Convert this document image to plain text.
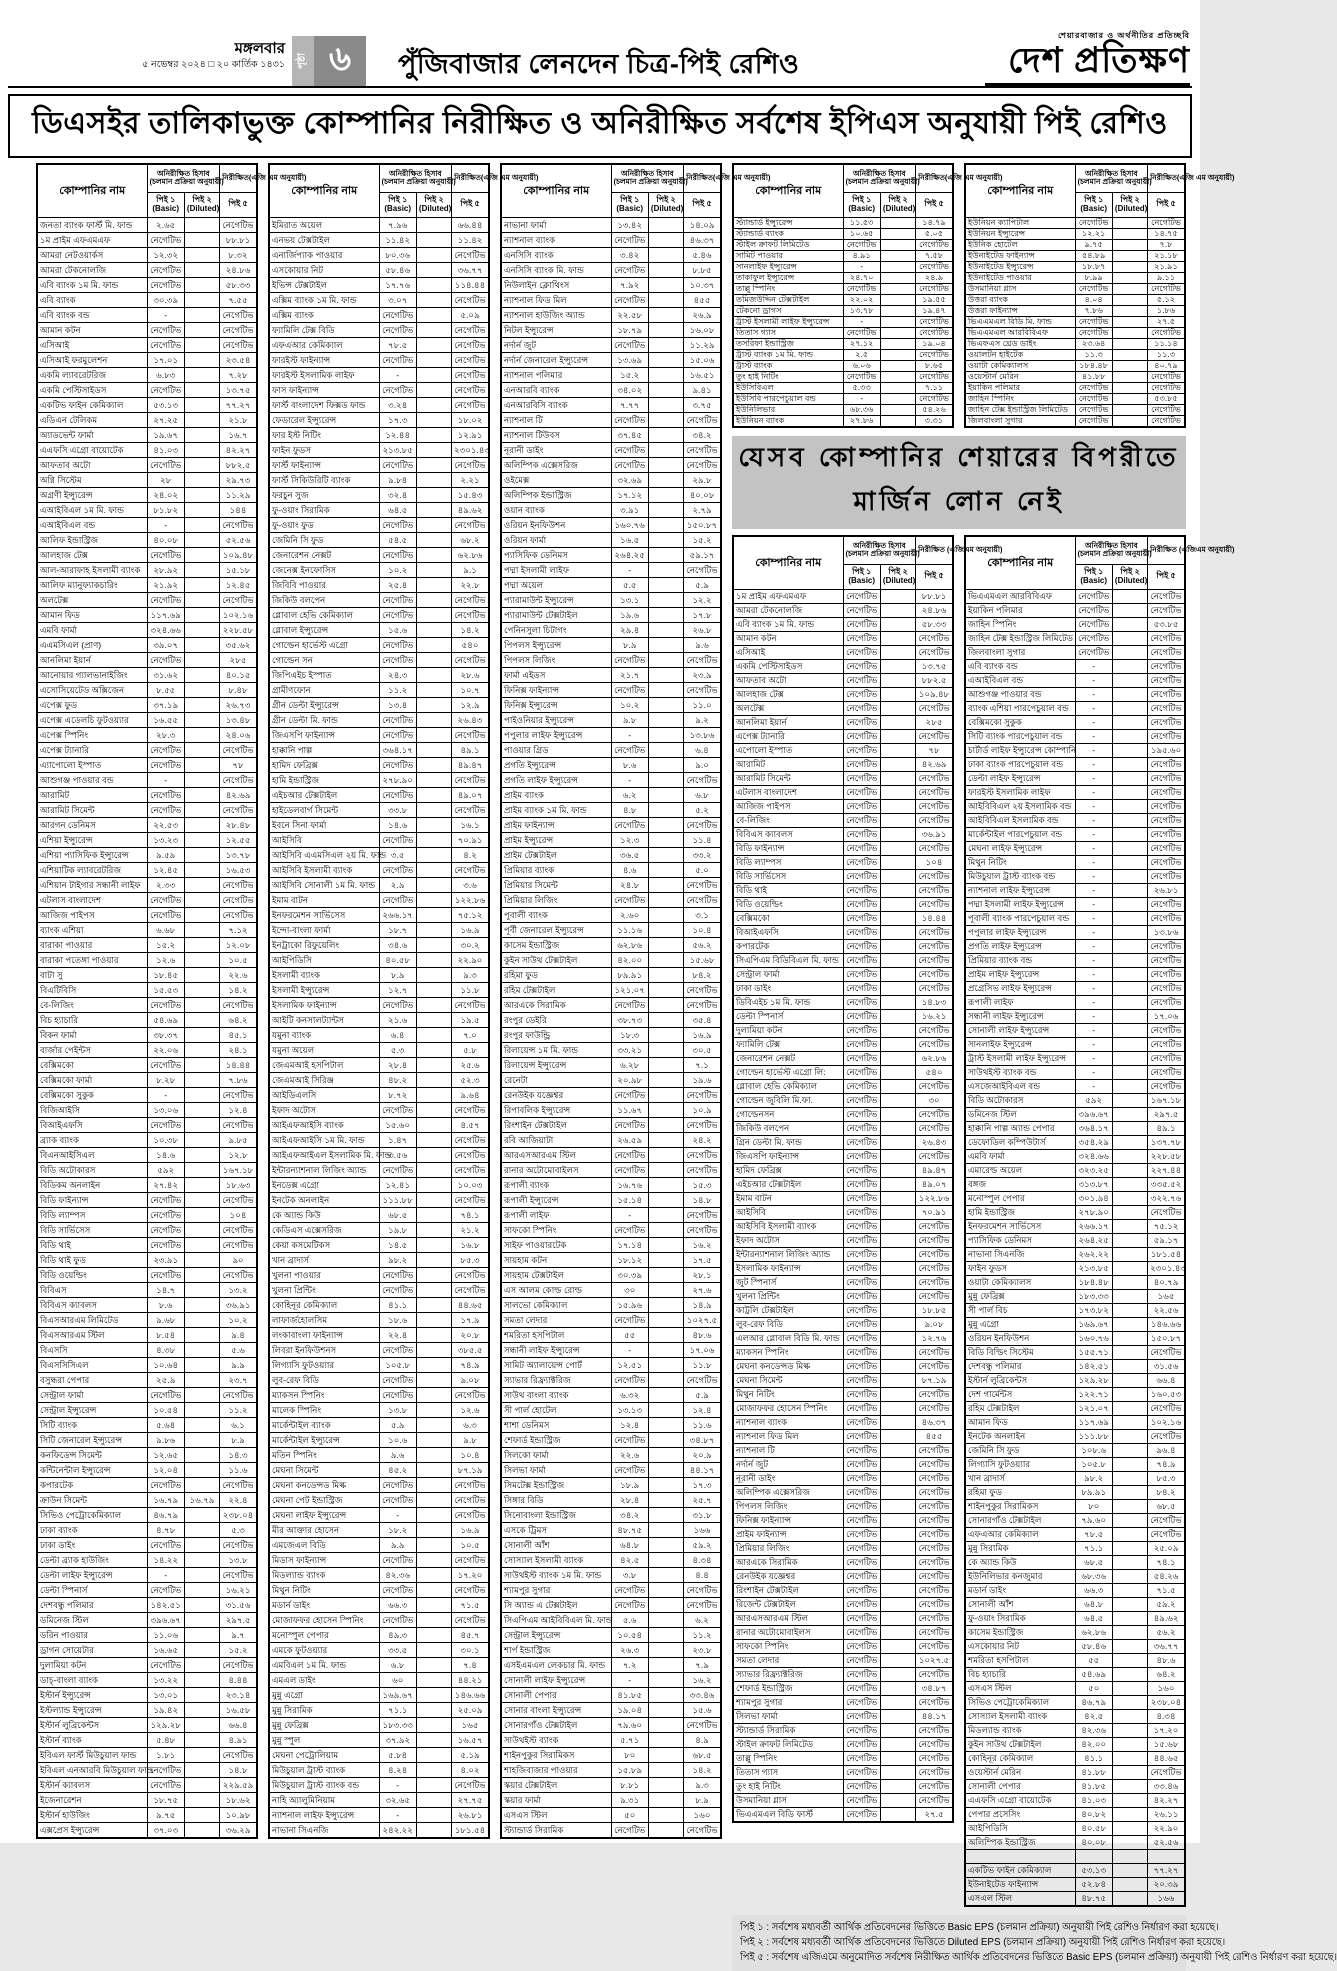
মঙ্গলবার
৫ নভেম্বর ২০২৪ □ ২০ কার্তিক ১৪৩১	পৃষ্ঠা ৬	পুঁজিবাজার লেনদেন চিত্র-পিই রেশিও
শেয়ারবাজার ও অর্থনীতির প্রতিচ্ছবি
দেশ প্রতিক্ষণ
ডিএসইর তালিকাভুক্ত কোম্পানির নিরীক্ষিত ও অনিরীক্ষিত সর্বশেষ ইপিএস অনুযায়ী পিই রেশিও
কোম্পানির নাম	অনিরীক্ষিত হিসাব
(চলমান প্রক্রিয়া অনুযায়ী)		নিরীক্ষিত(এজি এম অনুযায়ী)
	পিই ১
(Basic)	পিই ২
(Diluted)	পিই ৫
জনতা ব্যাংক ফার্স্ট মি. ফান্ড	২.৬৫		নেগেটিভ
১ম প্রাইম এফএমএফ	নেগেটিভ		৮৮.৮১
আমরা নেটওয়ার্কস	১২.৩২		৮.৩২
আমরা টেকনোলজি	নেগেটিভ		২৪.৮৬
এবি ব্যাংক ১ম মি. ফান্ড	নেগেটিভ		৫৮.৩৩
এবি ব্যাংক	৩০.৩৯		৭.৫৫
এবি ব্যাংক বন্ড	-		নেগেটিভ
আমান কটন	নেগেটিভ		নেগেটিভ
এসিআই	নেগেটিভ		নেগেটিভ
এসিআই ফরমুলেশন	১৭.০১		২৩.৫৪
একমি ল্যাবরেটরিজ	৬.৮৩		৭.২৮
একমি পেস্টিসাইডস	নেগেটিভ		১৩.৭৫
একটিভ ফাইন কেমিক্যাল	৫৩.১৩		৭৭.২৭
এডিএন টেলিকম	২৭.২৫		২১.৮
অ্যাডভেন্ট ফার্মা	১৯.৬৭		১৬.৭
এএফসি এগ্রো বায়োটেক	৪১.০৩		৪২.২৭
আফতাব অটো	নেগেটিভ		৮৮২.৫
অগ্নি সিস্টেম	২৮		২৯.৭৩
অগ্রণী ইন্স্যুরেন্স	২৪.০২		১১.২৯
এআইবিএল ১ম মি. ফান্ড	৮১.৮২		১৪৪
এআইবিএল বন্ড	-		নেগেটিভ
আলিফ ইন্ডাস্ট্রিজ	৪০.০৮		৫২.৫৬
আলহাজ টেক্স	নেগেটিভ		১০৯.৪৮
আল-আরাফাহ ইসলামী ব্যাংক	২৮.৯২		১৫.১৮
আলিফ ম্যানুফ্যাকচারিং	২১.৯২		১২.৪৫
অলটেক্স	নেগেটিভ		নেগেটিভ
আমান ফিড	১১৭.৬৯		১০২.১৬
এমবি ফার্মা	৩২৪.৬৬		২২৮.৫৮
এএমসিএল (প্রাণ)	৩৯.০৭		৩৫.৬২
আনলিমা ইয়ার্ন	নেগেটিভ		২৮৫
আনোয়ার গ্যালভানাইজিং	৩১.৬২		৪০.১৫
এসোসিয়েটেড অক্সিজেন	৮.৫৫		৮.৪৮
এপেক্স ফুড	৩৭.১৯		২৬.৭৩
এপেক্স এডেলচি ফুটওয়্যার	১৬.৫৫		১৩.৪৮
এপেক্স স্পিনিং	২৮.৩		২৪.০৬
এপেক্স ট্যানারি	নেগেটিভ		নেগেটিভ
এ্যাপোলো ইস্পাত	নেগেটিভ		৭৮
আশুগঞ্জ পাওয়ার বন্ড	-		নেগেটিভ
আরামিট	নেগেটিভ		৪২.৬৯
আরামিট সিমেন্ট	নেগেটিভ		নেগেটিভ
আরগন ডেনিমস	২২.৫৩		২৮.৪৮
এশিয়া ইন্স্যুরেন্স	১৩.২৩		১২.৫৫
এশিয়া প্যাসিফিক ইন্স্যুরেন্স	৯.৫৯		১৩.৭৮
এশিয়াটিক ল্যাবরেটরিজ	১২.৪৫		১৬.৫৩
এশিয়ান টাইগার সন্ধানী লাইফ	২.৩৩		নেগেটিভ
এটলাস বাংলাদেশ	নেগেটিভ		নেগেটিভ
আজিজ পাইপস	নেগেটিভ		নেগেটিভ
ব্যাংক এশিয়া	৬.৬৮		৭.১২
বারাকা পাওয়ার	১৫.২		১২.০৮
বারাকা পতেঙ্গা পাওয়ার	১২.৬		১০.৫
বাটা সু	১৮.৪৫		২২.৬
বিএটিবিসি	১৫.৫৩		১৪.২
বে-লিজিং	নেগেটিভ		নেগেটিভ
বিচ হ্যাচারি	৫৪.৬৯		৬৪.২
বিকন ফার্মা	৩৮.৩৭		৪৫.১
বার্জার পেইন্টস	২২.০৬		২৪.১
বেক্সিমকো	নেগেটিভ		১৪.৪৪
বেক্সিমকো ফার্মা	৮.২৮		৭.৮৬
বেক্সিমকো সুকুক	-		নেগেটিভ
বিজিআইসি	১৩.০৬		১২.৪
বিআইএফসি	নেগেটিভ		নেগেটিভ
ব্র্যাক ব্যাংক	১০.৩৮		৯.৮৫
বিএনআইসিএল	১৪.৬		১২.৮
বিডি অটোকারস	৫৯২		১৬৭.১৮
বিডিকম অনলাইন	২৭.৪২		১৮.৬৩
বিডি ফাইন্যান্স	নেগেটিভ		নেগেটিভ
বিডি ল্যাম্পস	নেগেটিভ		১০৪
বিডি সার্ভিসেস	নেগেটিভ		নেগেটিভ
বিডি থাই	নেগেটিভ		নেগেটিভ
বিডি থাই ফুড	২৩.৯১		৯০
বিডি ওয়েল্ডিং	নেগেটিভ		নেগেটিভ
বিবিএস	১৪.৭		১৩.২
বিবিএস ক্যাবলস	৮.৬		৩৬.৯১
বিএসআরএম লিমিটেড	৯.৬৮		১০.২
বিএসআরএম স্টিল	৮.৫৪		৯.৪
বিএসসি	৪.৩৮		৫.৬
বিএসসিসিএল	১০.৬৪		৯.৯
বসুন্ধরা পেপার	২৫.৯		২৩.৭
সেন্ট্রাল ফার্মা	নেগেটিভ		নেগেটিভ
সেন্ট্রাল ইন্স্যুরেন্স	১০.৫৪		১১.২
সিটি ব্যাংক	৫.৬৪		৬.১
সিটি জেনারেল ইন্স্যুরেন্স	৯.৮৬		৮.৯
কনফিডেন্স সিমেন্ট	১২.৬৫		১৪.৩
কন্টিনেন্টাল ইন্স্যুরেন্স	১২.০৪		১১.৬
কপারটেক	নেগেটিভ		নেগেটিভ
ক্রাউন সিমেন্ট	১৬.৭৯	১৬.৭৯	২২.৪
সিভিও পেট্রোকেমিক্যাল	৪৬.৭৯		২৩৮.০৪
ঢাকা ব্যাংক	৪.৭৮		৫.৩
ঢাকা ডাইং	নেগেটিভ		নেগেটিভ
ডেল্টা ব্র্যাক হাউজিং	১৪.২২		১৩.৮
ডেল্টা লাইফ ইন্স্যুরেন্স	-		নেগেটিভ
ডেল্টা স্পিনার্স	নেগেটিভ		১৬.২১
দেশবন্ধু পলিমার	১৪২.৫১		৩১.৫৬
ডমিনেজ স্টিল	৩৯৬.৬৭		২৯৭.৫
ডরিন পাওয়ার	১১.০৬		৯.৭
ড্রাগন সোয়েটার	১৬.৬৫		১৫.২
দুলামিয়া কটন	নেগেটিভ		নেগেটিভ
ডাচ্-বাংলা ব্যাংক	১৩.২২		৪.৪৪
ইস্টার্ন ইন্স্যুরেন্স	১৩.০১		২৩.১৪
ইস্টল্যান্ড ইন্স্যুরেন্স	১৯.৪২		১৬.৫৮
ইস্টার্ন লুব্রিকেন্টস	১২৯.২৮		৬৬.৪
ইস্টার্ন ব্যাংক	৫.৪৮		৪.৯১
ইবিএল ফার্স্ট মিউচুয়াল ফান্ড	১.৮১		নেগেটিভ
ইবিএল এনআরবি মিউচুয়াল ফান্ড	নেগেটিভ		১৪.৮
ইস্টার্ন ক্যাবলস	নেগেটিভ		২২৯.৫৯
ইজেনারেশন	১৮.৭৫		১৮.৬২
ইস্টার্ন হাউজিং	৯.৭৫		১০.৯৮
এক্সপ্রেস ইন্স্যুরেন্স	৩৭.০৩		৩৬.২৯
কোম্পানির নাম	অনিরীক্ষিত হিসাব
(চলমান প্রক্রিয়া অনুযায়ী)		নিরীক্ষিত(এজি এম অনুযায়ী)
	পিই ১
(Basic)	পিই ২
(Diluted)	পিই ৫
ইমিরাত অয়েল	৭.৯৬		৬৬.৪৪
এনভয় টেক্সটাইল	১১.৪২		১১.৪২
এনার্জিপ্যাক পাওয়ার	৮০.৩৬		নেগেটিভ
এসকোয়ার নিট	৫৮.৪৬		৩৬.৭৭
ইভিন্স টেক্সটাইল	১৭.৭৬		১১৪.৪৪
এক্সিম ব্যাংক ১ম মি. ফান্ড	৩.০৭		নেগেটিভ
এক্সিম ব্যাংক	নেগেটিভ		৫.০৯
ফ্যামিলি টেক্স বিডি	নেগেটিভ		নেগেটিভ
এফএআর কেমিক্যাল	৭৮.৫		নেগেটিভ
ফারইস্ট ফাইন্যান্স	নেগেটিভ		নেগেটিভ
ফারইস্ট ইসলামিক লাইফ	-		নেগেটিভ
ফাস ফাইন্যান্স	নেগেটিভ		নেগেটিভ
ফার্স্ট বাংলাদেশ ফিক্সড ফান্ড	৩.২৪		নেগেটিভ
ফেডারেল ইন্স্যুরেন্স	১৭.৩		১৮.০২
ফার ইস্ট নিটিং	১২.৪৪		১২.৯১
ফাইন ফুডস	২১৩.৮৫		২৩০১.৪৩
ফার্স্ট ফাইন্যান্স	নেগেটিভ		নেগেটিভ
ফার্স্ট সিকিউরিটি ব্যাংক	৯.৮৪		২.২১
ফরচুন সুজ	৩২.৪		১৫.৪৩
ফু-ওয়াং সিরামিক	৬৪.৫		৪৯.৬২
ফু-ওয়াং ফুড	নেগেটিভ		নেগেটিভ
জেমিনি সি ফুড	৫৪.৫		৬৮.২
জেনারেশন নেক্সট	নেগেটিভ		৬২.৮৬
জেনেক্স ইনফোসিস	১০.২		৯.১
জিবিবি পাওয়ার	২৫.৪		২২.৮
জিকিউ বলপেন	নেগেটিভ		নেগেটিভ
গ্লোবাল হেভি কেমিক্যাল	নেগেটিভ		নেগেটিভ
গ্লোবাল ইন্স্যুরেন্স	১৫.৬		১৪.২
গোল্ডেন হার্ভেস্ট এগ্রো	নেগেটিভ		৫৪০
গোল্ডেন সন	নেগেটিভ		নেগেটিভ
জিপিএইচ ইস্পাত	২৪.৩		২৮.৬
গ্রামীণফোন	১১.২		১০.৭
গ্রীন ডেল্টা ইন্স্যুরেন্স	১৩.৪		১২.৯
গ্রীন ডেল্টা মি. ফান্ড	নেগেটিভ		২৬.৪৩
জিএসপি ফাইন্যান্স	নেগেটিভ		নেগেটিভ
হাক্কানি পাল্প	৩৬৪.১৭		৪৯.১
হামিদ ফেব্রিক্স	নেগেটিভ		৪৯.৪৭
হামি ইন্ডাস্ট্রিজ	২৭৮.৯০		নেগেটিভ
এইচআর টেক্সটাইল	নেগেটিভ		৪৯.০৭
হাইডেলবার্গ সিমেন্ট	৩৩.৮		নেগেটিভ
ইবনে সিনা ফার্মা	১৪.৬		১৬.১
আইসিবি	নেগেটিভ		৭০.৯১
আইসিবি এএমসিএল ২য় মি. ফান্ড	৩.৫		৪.২
আইসিবি ইসলামী ব্যাংক	নেগেটিভ		নেগেটিভ
আইসিবি সোনালী ১ম মি. ফান্ড	২.৯		৩.৬
ইমাম বাটন	নেগেটিভ		১২২.৮৬
ইনফরমেশন সার্ভিসেস	২৬৬.১৭		৭৫.১২
ইন্দো-বাংলা ফার্মা	১৮.৭		১৬.৯
ইনট্রাকো রিফুয়েলিং	৩৪.৬		৩০.২
আইপিডিসি	৪০.৫৮		২২.৯০
ইসলামী ব্যাংক	৮.৯		৯.৩
ইসলামী ইন্স্যুরেন্স	১২.৭		১১.৮
ইসলামিক ফাইন্যান্স	নেগেটিভ		নেগেটিভ
আইটি কনসালট্যান্টস	২১.৬		১৯.৫
যমুনা ব্যাংক	৬.৪		৭.০
যমুনা অয়েল	৫.৩		৫.৮
জেএমআই হসপিটাল	২৮.৪		২৫.৬
জেএমআই সিরিঞ্জ	৪৮.২		৫২.৩
আইডিএলসি	৮.৭২		৯.৬৪
ইফাদ অটোস	নেগেটিভ		নেগেটিভ
আইএফআইসি ব্যাংক	১৫.৬০		৪.৫৭
আইএফআইসি ১ম মি. ফান্ড	১.৪৭		নেগেটিভ
আইএফআইএল ইসলামিক মি. ফান্ড	৩.৫৬		নেগেটিভ
ইন্টারন্যাশনাল লিজিং অ্যান্ড	নেগেটিভ		নেগেটিভ
ইনডেক্স এগ্রো	১২.৪১		১০.০৩
ইনটেক অনলাইন	১১১.৮৮		নেগেটিভ
কে অ্যান্ড কিউ	৬৮.৫		৭৪.১
কেডিএস এক্সেসরিজ	১৯.৮		২১.২
কেয়া কসমেটিকস	১৪.৫		১৬.৮
খান ব্রাদার্স	৯৮.২		৮৫.৩
খুলনা পাওয়ার	নেগেটিভ		নেগেটিভ
খুলনা প্রিন্টিং	নেগেটিভ		নেগেটিভ
কোহিনূর কেমিক্যাল	৪১.১		৪৪.৬৫
লাফার্জহোলসিম	১৮.৬		১৭.৯
লংকাবাংলা ফাইন্যান্স	২২.৪		২০.৮
লিবরা ইনফিউশনস	নেগেটিভ		৩৮৫.৫
লিগ্যাসি ফুটওয়্যার	১০৫.৮		৭৪.৯
লুব-রেফ বিডি	নেগেটিভ		৯.০৮
ম্যাকসন স্পিনিং	নেগেটিভ		নেগেটিভ
মালেক স্পিনিং	১৩.৮		১২.৬
মার্কেন্টাইল ব্যাংক	৫.৯		৬.৩
মার্কেন্টাইল ইন্স্যুরেন্স	১০.৬		৯.৮
মতিন স্পিনিং	৯.৬		১০.৪
মেঘনা সিমেন্ট	৪৫.২		৮৭.১৯
মেঘনা কনডেন্সড মিল্ক	নেগেটিভ		নেগেটিভ
মেঘনা পেট ইন্ডাস্ট্রিজ	নেগেটিভ		নেগেটিভ
মেঘনা লাইফ ইন্স্যুরেন্স	-		নেগেটিভ
মীর আক্তার হোসেন	১৮.২		১৬.৯
এমজেএল বিডি	৯.৯		১০.৫
মিডাস ফাইন্যান্স	নেগেটিভ		নেগেটিভ
মিডল্যান্ড ব্যাংক	৪২.৩৬		১৭.২০
মিথুন নিটিং	নেগেটিভ		নেগেটিভ
মডার্ন ডাইং	৬৬.৩		৭১.৫
মোজাফফর হোসেন স্পিনিং	নেগেটিভ		নেগেটিভ
মনোস্পুল পেপার	৪৯.৩		৪৫.৭
এমকে ফুটওয়্যার	৩৩.৫		৩০.১
এমবিএল ১ম মি. ফান্ড	৬.৮		৭.৪
এমএল ডাইং	৬০		৪৪.২১
মুন্নু এগ্রো	১৬৯.৬৭		১৪৬.৬৬
মুন্নু সিরামিক	৭১.১		২৫.০৯
মুন্নু ফেব্রিক্স	১৮৩.৩৩		১৬৫
মুন্নু স্পুল	৩৭.৯২		১৬.৫৭
মেঘনা পেট্রোলিয়াম	৫.৮৪		৫.১৯
মিউচুয়াল ট্রাস্ট ব্যাংক	৪.২৪		৪.০২
মিউচুয়াল ট্রাস্ট ব্যাংক বন্ড	-		নেগেটিভ
নাহি অ্যালুমিনিয়াম	৩২.৬৫		২৭.৭৫
ন্যাশনাল লাইফ ইন্স্যুরেন্স	-		২৬.৮১
নাভানা সিএনজি	২৪২.২২		১৮১.৫৪
কোম্পানির নাম	অনিরীক্ষিত হিসাব
(চলমান প্রক্রিয়া অনুযায়ী)		নিরীক্ষিত(এজি এম অনুযায়ী)
	পিই ১
(Basic)	পিই ২
(Diluted)	পিই ৫
নাভানা ফার্মা	১৩.৪২		১৪.০৯
ন্যাশনাল ব্যাংক	নেগেটিভ		৪৬.৩৭
এনসিসি ব্যাংক	৩.৪২		৫.৪৬
এনসিসি ব্যাংক মি. ফান্ড	নেগেটিভ		৮.৮৫
নিউলাইন ক্লোথিংস	৭.৯২		১০.৩৭
ন্যাশনাল ফিড মিল	নেগেটিভ		৪৫৫
ন্যাশনাল হাউজিং অ্যান্ড	২২.৫৮		২৬.৯
নিটল ইন্স্যুরেন্স	১৮.৭৯		১৬.০৮
নর্দার্ন জুট	নেগেটিভ		১১.২৯
নর্দার্ন জেনারেল ইন্স্যুরেন্স	১৩.৬৯		১৫.০৬
ন্যাশনাল পলিমার	১৫.২		১৬.৫১
এনআরবি ব্যাংক	৩৪.০২		৯.৪১
এনআরবিসি ব্যাংক	৭.৭৭		৩.৭৫
ন্যাশনাল টি	নেগেটিভ		নেগেটিভ
ন্যাশনাল টিউবস	৩৭.৪৫		৩৪.২
নূরানী ডাইং	নেগেটিভ		নেগেটিভ
অলিম্পিক এক্সেসরিজ	নেগেটিভ		নেগেটিভ
ওইমেক্স	৩২.৬৯		২৯.৮
অলিম্পিক ইন্ডাস্ট্রিজ	১৭.১২		৪০.০৮
ওয়ান ব্যাংক	৩.৯১		২.৭৯
ওরিয়ন ইনফিউশন	১৬০.৭৬		১৫০.৮৭
ওরিয়ন ফার্মা	১৬.৫		১৫.২
প্যাসিফিক ডেনিমস	২৬৪.২৫		৫৯.১৭
পদ্মা ইসলামী লাইফ	-		নেগেটিভ
পদ্মা অয়েল	৫.৫		৫.৯
প্যারামাউন্ট ইন্স্যুরেন্স	১৩.১		১২.২
প্যারামাউন্ট টেক্সটাইল	১৯.৬		১৭.৮
পেনিনসুলা চিটাগং	২৯.৪		২৬.৮
পিপলস ইন্স্যুরেন্স	৮.৯		৯.৬
পিপলস লিজিং	নেগেটিভ		নেগেটিভ
ফার্মা এইডস	২১.৭		২৩.৯
ফিনিক্স ফাইন্যান্স	নেগেটিভ		নেগেটিভ
ফিনিক্স ইন্স্যুরেন্স	১০.২		১১.০
পাইওনিয়ার ইন্স্যুরেন্স	৯.৮		৯.২
পপুলার লাইফ ইন্স্যুরেন্স	-		১৩.৮৬
পাওয়ার গ্রিড	নেগেটিভ		৬.৪
প্রগতি ইন্স্যুরেন্স	৮.৬		৯.০
প্রগতি লাইফ ইন্স্যুরেন্স	-		নেগেটিভ
প্রাইম ব্যাংক	৬.২		৬.৮
প্রাইম ব্যাংক ১ম মি. ফান্ড	৪.৮		৫.২
প্রাইম ফাইন্যান্স	নেগেটিভ		নেগেটিভ
প্রাইম ইন্স্যুরেন্স	১২.৩		১১.৪
প্রাইম টেক্সটাইল	৩৬.৫		৩৩.২
প্রিমিয়ার ব্যাংক	৪.৬		৫.০
প্রিমিয়ার সিমেন্ট	২৪.৮		নেগেটিভ
প্রিমিয়ার লিজিং	নেগেটিভ		নেগেটিভ
পূবালী ব্যাংক	২.৬০		৩.১
পূর্বী জেনারেল ইন্স্যুরেন্স	১১.১৬		১০.৪
কাসেম ইন্ডাস্ট্রিজ	৬২.৮৬		৫৬.২
কুইন সাউথ টেক্সটাইল	৪২.০০		১৫.৬৮
রহিমা ফুড	৮৯.৯১		৮৪.২
রহিম টেক্সটাইল	১২১.০৭		নেগেটিভ
আরএকে সিরামিক	নেগেটিভ		নেগেটিভ
রংপুর ডেইরি	৩৮.৭৩		৩৫.৪
রংপুর ফাউন্ড্রি	১৮.৩		১৬.৯
রিলায়েন্স ১ম মি. ফান্ড	৩৩.২১		৩০.৫
রিলায়েন্স ইন্স্যুরেন্স	৬.২৮		৭.১
রেনেটা	২০.৯৮		১৯.৬
রেনউইক যজ্ঞেশ্বর	নেগেটিভ		নেগেটিভ
রিপাবলিক ইন্স্যুরেন্স	১১.৬৭		১০.৯
রিংশাইন টেক্সটাইল	নেগেটিভ		নেগেটিভ
রবি আজিয়াটা	২৬.৫৯		২৪.২
আরএসআরএম স্টিল	নেগেটিভ		নেগেটিভ
রানার অটোমোবাইলস	নেগেটিভ		নেগেটিভ
রূপালী ব্যাংক	১৬.৭৬		১৫.৩
রূপালী ইন্স্যুরেন্স	১৫.১৪		১৪.৮
রূপালী লাইফ	-		নেগেটিভ
সাফকো স্পিনিং	নেগেটিভ		নেগেটিভ
সাইফ পাওয়ারটেক	১৭.১৪		১৬.২
সায়হাম কটন	১৮.১২		১৭.৫
সায়হাম টেক্সটাইল	৩০.৩৯		২৮.১
এস আলম কোল্ড রোল্ড	৩০		২৭.৬
সালভো কেমিক্যাল	১৫.৯৬		১৪.৯
সমতা লেদার	নেগেটিভ		১০২৭.৫
শমরিতা হসপিটাল	৫৫		৪৮.৬
সন্ধানী লাইফ ইন্স্যুরেন্স	-		১৭.০৬
সামিট অ্যালায়েন্স পোর্ট	১২.৫১		১১.৮
স্যাভার রিফ্র্যাক্টরিজ	নেগেটিভ		নেগেটিভ
সাউথ বাংলা ব্যাংক	৬.৩২		৫.৯
সী পার্ল হোটেল	১৩.১৩		১২.৪
শাশা ডেনিমস	১২.৪		১১.৬
শেফার্ড ইন্ডাস্ট্রিজ	নেগেটিভ		৩৪.৮৭
সিলকো ফার্মা	২২.৬		২০.৯
সিলভা ফার্মা	নেগেটিভ		৪৪.১৭
সিমটেক্স ইন্ডাস্ট্রিজ	১৮.৯		১৭.৩
সিঙ্গার বিডি	২৮.৪		২৫.৭
সিনোবাংলা ইন্ডাস্ট্রিজ	৩৪.২		৩১.৮
এসকে ট্রিমস	৪৮.৭৫		১৬৬
সোনালী আঁশ	৬৪.৮		৫৯.২
সোস্যাল ইসলামী ব্যাংক	৪২.৫		৪.৩৪
সাউথইস্ট ব্যাংক ১ম মি. ফান্ড	৩.৮		৪.৪
শ্যামপুর সুগার	নেগেটিভ		নেগেটিভ
সি অ্যান্ড এ টেক্সটাইল	নেগেটিভ		নেগেটিভ
সিএপিএম আইবিবিএল মি. ফান্ড	৫.৬		৬.২
সেন্ট্রাল ইন্স্যুরেন্স	১০.৫৪		১১.২
শার্প ইন্ডাস্ট্রিজ	২৬.৩		২৩.৮
এসইএমএল লেকচার মি. ফান্ড	৭.২		৭.৯
সোনালী লাইফ ইন্স্যুরেন্স	-		১৬.২
সোনালী পেপার	৪১.৮৫		৩৩.৪৬
সোনার বাংলা ইন্স্যুরেন্স	১৯.০৪		১৫.৬
সোনারগাঁও টেক্সটাইল	৭৯.৬০		নেগেটিভ
সাউথইস্ট ব্যাংক	৫.৭১		৪.৯
শাইনপুকুর সিরামিকস	৮০		৬৮.৫
শাহজিবাজার পাওয়ার	১৫.৮৯		১৪.২
স্কয়ার টেক্সটাইল	৮.৮১		৯.৩
স্কয়ার ফার্মা	৯.৩১		৮.৯
এসএস স্টিল	৫০		১৬০
স্ট্যান্ডার্ড সিরামিক	নেগেটিভ		নেগেটিভ
কোম্পানির নাম	অনিরীক্ষিত হিসাব
(চলমান প্রক্রিয়া অনুযায়ী)		নিরীক্ষিত(এজি এম অনুযায়ী)
	পিই ১
(Basic)	পিই ২
(Diluted)	পিই ৫
স্ট্যান্ডার্ড ইন্স্যুরেন্স	১১.৫৩		১৪.৭৯
স্ট্যান্ডার্ড ব্যাংক	১০.৬৫		৫.০৫
স্টাইল ক্রাফট লিমিটেড	নেগেটিভ		নেগেটিভ
সামিট পাওয়ার	৪.৯১		৭.৫৮
সানলাইফ ইন্স্যুরেন্স	-		নেগেটিভ
তাকাফুল ইন্স্যুরেন্স	২৪.৭০		২৪.৯
তাল্লু স্পিনিং	নেগেটিভ		নেগেটিভ
তমিজউদ্দিন টেক্সটাইল	২২.০২		১৯.৫৫
টেকনো ড্রাগস	১৩.৭৮		১৯.৪৭
ট্রাস্ট ইসলামী লাইফ ইন্স্যুরেন্স	-		নেগেটিভ
তিতাস গ্যাস	নেগেটিভ		নেগেটিভ
তসরিফা ইন্ডাস্ট্রিজ	২৭.১২		১৯.০৪
ট্রাস্ট ব্যাংক ১ম মি. ফান্ড	২.৫		নেগেটিভ
ট্রাস্ট ব্যাংক	৬.০৬		৮.৬৫
তুং হাই নিটিং	নেগেটিভ		নেগেটিভ
ইউসিবিএল	৫.৩৩		৭.১১
ইউসিবি পারপেচুয়াল বন্ড	-		নেগেটিভ
ইউনিলিভার	৬৮.৩৬		৫৪.২৬
ইউনিয়ন ব্যাংক	২৭.৮৬		৩.৩১
কোম্পানির নাম	অনিরীক্ষিত হিসাব
(চলমান প্রক্রিয়া অনুযায়ী)		নিরীক্ষিত(এজি এম অনুযায়ী)
	পিই ১
(Basic)	পিই ২
(Diluted)	পিই ৫
ইউনিয়ন ক্যাপিটাল	নেগেটিভ		নেগেটিভ
ইউনিয়ন ইন্স্যুরেন্স	১২.২১		১৪.৭৫
ইউনিক হোটেল	৯.৭৫		৭.৮
ইউনাইটেড ফাইন্যান্স	৫৪.৮৯		২১.১৮
ইউনাইটেড ইন্স্যুরেন্স	১৮.৮৭		২১.৯১
ইউনাইটেড পাওয়ার	৮.৯৯		৯.১১
উসমানিয়া গ্লাস	নেগেটিভ		নেগেটিভ
উত্তরা ব্যাংক	৪.০৪		৫.১২
উত্তরা ফাইন্যান্স	৭.৮৬		১.৮৬
ভিএএমএল বিডি মি. ফান্ড	নেগেটিভ		২৭.৫
ভিএএমএল আরবিবিএফ	নেগেটিভ		নেগেটিভ
ভিএফএস থ্রেড ডাইং	২৩.৬৪		১১.১৪
ওয়ালটন হাইটেক	১১.৩		১১.৩
ওয়াটা কেমিক্যালস	১৮৪.৪৮		৪০.৭৯
ওয়েস্টার্ন মেরিন	৪১.৮৮		নেগেটিভ
ইয়াকিন পলিমার	নেগেটিভ		নেগেটিভ
জাহিন স্পিনিং	নেগেটিভ		৫৩.৮৫
জাহিন টেক্স ইন্ডাস্ট্রিজ লিমিটেড	নেগেটিভ		নেগেটিভ
জিলবাংলা সুগার	নেগেটিভ		নেগেটিভ
যেসব কোম্পানির শেয়ারের বিপরীতে মার্জিন লোন নেই
কোম্পানির নাম	অনিরীক্ষিত হিসাব
(চলমান প্রক্রিয়া অনুযায়ী)		নিরীক্ষিত (এজিএম অনুযায়ী)
	পিই ১
(Basic)	পিই ২
(Diluted)	পিই ৫
১ম প্রাইম এফএমএফ	নেগেটিভ		৮৮.৮১
আমরা টেকনোলজি	নেগেটিভ		২৪.৮৬
এবি ব্যাংক ১ম মি. ফান্ড	নেগেটিভ		৫৮.৩৩
আমান কটন	নেগেটিভ		নেগেটিভ
এসিআই	নেগেটিভ		নেগেটিভ
একমি পেস্টিসাইডস	নেগেটিভ		১৩.৭৫
আফতাব অটো	নেগেটিভ		৮৮২.৫
আলহাজ টেক্স	নেগেটিভ		১০৯.৪৮
অলটেক্স	নেগেটিভ		নেগেটিভ
আনলিমা ইয়ার্ন	নেগেটিভ		২৮৫
এপেক্স ট্যানারি	নেগেটিভ		নেগেটিভ
এপোলো ইস্পাত	নেগেটিভ		৭৮
আরামিট	নেগেটিভ		৪২.৬৯
আরামিট সিমেন্ট	নেগেটিভ		নেগেটিভ
এটলাস বাংলাদেশ	নেগেটিভ		নেগেটিভ
আজিজ পাইপস	নেগেটিভ		নেগেটিভ
বে-লিজিং	নেগেটিভ		নেগেটিভ
বিবিএস ক্যাবলস	নেগেটিভ		৩৬.৯১
বিডি ফাইন্যান্স	নেগেটিভ		নেগেটিভ
বিডি ল্যাম্পস	নেগেটিভ		১০৪
বিডি সার্ভিসেস	নেগেটিভ		নেগেটিভ
বিডি থাই	নেগেটিভ		নেগেটিভ
বিডি ওয়েল্ডিং	নেগেটিভ		নেগেটিভ
বেক্সিমকো	নেগেটিভ		১৪.৪৪
বিআইএফসি	নেগেটিভ		নেগেটিভ
কপারটেক	নেগেটিভ		নেগেটিভ
সিএপিএম বিডিবিএল মি. ফান্ড	নেগেটিভ		নেগেটিভ
সেন্ট্রাল ফার্মা	নেগেটিভ		নেগেটিভ
ঢাকা ডাইং	নেগেটিভ		নেগেটিভ
ডিবিএইচ ১ম মি. ফান্ড	নেগেটিভ		১৪.৮৩
ডেল্টা স্পিনার্স	নেগেটিভ		১৬.২১
দুলামিয়া কটন	নেগেটিভ		নেগেটিভ
ফ্যামিলি টেক্স	নেগেটিভ		নেগেটিভ
জেনারেশন নেক্সট	নেগেটিভ		৬২.৮৬
গোল্ডেন হার্ভেস্ট এগ্রো লি:	নেগেটিভ		৫৪০
গ্লোবাল হেভি কেমিক্যাল	নেগেটিভ		নেগেটিভ
গোল্ডেন জুবিলি মি.ফা.	নেগেটিভ		৩০
গোল্ডেনসন	নেগেটিভ		নেগেটিভ
জিকিউ বলপেন	নেগেটিভ		নেগেটিভ
গ্রিন ডেল্টা মি. ফান্ড	নেগেটিভ		২৬.৪৩
জিএসপি ফাইন্যান্স	নেগেটিভ		নেগেটিভ
হামিদ ফেব্রিক্স	নেগেটিভ		৪৯.৪৭
এইচআর টেক্সটাইল	নেগেটিভ		৪৯.০৭
ইমাম বাটন	নেগেটিভ		১২২.৮৬
আইসিবি	নেগেটিভ		৭০.৯১
আইসিবি ইসলামী ব্যাংক	নেগেটিভ		নেগেটিভ
ইফাদ অটোস	নেগেটিভ		নেগেটিভ
ইন্টারন্যাশনাল লিজিং অ্যান্ড	নেগেটিভ		নেগেটিভ
ইসলামিক ফাইন্যান্স	নেগেটিভ		নেগেটিভ
জুট স্পিনার্স	নেগেটিভ		নেগেটিভ
খুলনা প্রিন্টিং	নেগেটিভ		নেগেটিভ
কাট্টলি টেক্সটাইল	নেগেটিভ		১৮.৮৫
লুব-রেফ বিডি	নেগেটিভ		৯.০৮
এলআর গ্লোবাল বিডি মি. ফান্ড	নেগেটিভ		১২.৭৬
ম্যাকসন স্পিনিং	নেগেটিভ		নেগেটিভ
মেঘনা কনডেন্সড মিল্ক	নেগেটিভ		নেগেটিভ
মেঘনা সিমেন্ট	নেগেটিভ		৮৭.১৯
মিথুন নিটিং	নেগেটিভ		নেগেটিভ
মোজাফফর হোসেন স্পিনিং	নেগেটিভ		নেগেটিভ
ন্যাশনাল ব্যাংক	নেগেটিভ		৪৬.৩৭
ন্যাশনাল ফিড মিল	নেগেটিভ		৪৫৫
ন্যাশনাল টি	নেগেটিভ		নেগেটিভ
নর্দার্ন জুট	নেগেটিভ		নেগেটিভ
নূরানী ডাইং	নেগেটিভ		নেগেটিভ
অলিম্পিক এক্সেসরিজ	নেগেটিভ		নেগেটিভ
পিপলস লিজিং	নেগেটিভ		নেগেটিভ
ফিনিক্স ফাইন্যান্স	নেগেটিভ		নেগেটিভ
প্রাইম ফাইন্যান্স	নেগেটিভ		নেগেটিভ
প্রিমিয়ার লিজিং	নেগেটিভ		নেগেটিভ
আরএকে সিরামিক	নেগেটিভ		নেগেটিভ
রেনউইক যজ্ঞেশ্বর	নেগেটিভ		নেগেটিভ
রিংশাইন টেক্সটাইল	নেগেটিভ		নেগেটিভ
রিজেন্ট টেক্সটাইল	নেগেটিভ		নেগেটিভ
আরএসআরএম স্টিল	নেগেটিভ		নেগেটিভ
রানার অটোমোবাইলস	নেগেটিভ		নেগেটিভ
সাফকো স্পিনিং	নেগেটিভ		নেগেটিভ
সমতা লেদার	নেগেটিভ		১০২৭.৫
স্যাভার রিফ্র্যাক্টরিজ	নেগেটিভ		নেগেটিভ
শেফার্ড ইন্ডাস্ট্রিজ	নেগেটিভ		৩৪.৮৭
শ্যামপুর সুগার	নেগেটিভ		নেগেটিভ
সিলভা ফার্মা	নেগেটিভ		৪৪.১৭
স্ট্যান্ডার্ড সিরামিক	নেগেটিভ		নেগেটিভ
স্টাইল ক্রাফট লিমিটেড	নেগেটিভ		নেগেটিভ
তাল্লু স্পিনিং	নেগেটিভ		নেগেটিভ
তিতাস গ্যাস	নেগেটিভ		নেগেটিভ
তুং হাই নিটিং	নেগেটিভ		নেগেটিভ
উসমানিয়া গ্লাস	নেগেটিভ		নেগেটিভ
ভিএএমএল বিডি ফার্স্ট	নেগেটিভ		২৭.৫
কোম্পানির নাম	অনিরীক্ষিত হিসাব
(চলমান প্রক্রিয়া অনুযায়ী)		নিরীক্ষিত (এজিএম অনুযায়ী)
	পিই ১
(Basic)	পিই ২
(Diluted)	পিই ৫
ভিএএমএল আরবিবিএফ	নেগেটিভ		নেগেটিভ
ইয়াকিন পলিমার	নেগেটিভ		নেগেটিভ
জাহিন স্পিনিং	নেগেটিভ		৫৩.৮৫
জাহিন টেক্স ইন্ডাস্ট্রিজ লিমিটেড	নেগেটিভ		নেগেটিভ
জিলবাংলা সুগার	নেগেটিভ		নেগেটিভ
এবি ব্যাংক বন্ড	-		নেগেটিভ
এআইবিএল বন্ড	-		নেগেটিভ
আশুগঞ্জ পাওয়ার বন্ড	-		নেগেটিভ
ব্যাংক এশিয়া পারপেচুয়াল বন্ড	-		নেগেটিভ
বেক্সিমকো সুকুক	-		নেগেটিভ
সিটি ব্যাংক পারপেচুয়াল বন্ড	-		নেগেটিভ
চার্টার্ড লাইফ ইন্স্যুরেন্স কোম্পানি	-		১৯৫.৬০
ঢাকা ব্যাংক পারপেচুয়াল বন্ড	-		নেগেটিভ
ডেল্টা লাইফ ইন্স্যুরেন্স	-		নেগেটিভ
ফারইস্ট ইসলামিক লাইফ	-		নেগেটিভ
আইবিবিএল ২য় ইসলামিক বন্ড	-		নেগেটিভ
আইবিবিএল ইসলামিক বন্ড	-		নেগেটিভ
মার্কেন্টাইল পারপেচুয়াল বন্ড	-		নেগেটিভ
মেঘনা লাইফ ইন্স্যুরেন্স	-		নেগেটিভ
মিথুন নিটিং	-		নেগেটিভ
মিউচুয়াল ট্রাস্ট ব্যাংক বন্ড	-		নেগেটিভ
ন্যাশনাল লাইফ ইন্স্যুরেন্স	-		২৬.৮১
পদ্মা ইসলামী লাইফ ইন্স্যুরেন্স	-		নেগেটিভ
পূবালী ব্যাংক পারপেচুয়াল বন্ড	-		নেগেটিভ
পপুলার লাইফ ইন্স্যুরেন্স	-		১৩.৮৬
প্রগতি লাইফ ইন্স্যুরেন্স	-		নেগেটিভ
প্রিমিয়ার ব্যাংক বন্ড	-		নেগেটিভ
প্রাইম লাইফ ইন্স্যুরেন্স	-		নেগেটিভ
প্রগ্রেসিভ লাইফ ইন্স্যুরেন্স	-		নেগেটিভ
রূপালী লাইফ	-		নেগেটিভ
সন্ধানী লাইফ ইন্স্যুরেন্স	-		১৭.০৬
সোনালী লাইফ ইন্স্যুরেন্স	-		নেগেটিভ
সানলাইফ ইন্স্যুরেন্স	-		নেগেটিভ
ট্রাস্ট ইসলামী লাইফ ইন্স্যুরেন্স	-		নেগেটিভ
সাউথইস্ট ব্যাংক বন্ড	-		নেগেটিভ
এসজেআইবিএল বন্ড	-		নেগেটিভ
বিডি অটোকারস	৫৯২		১৬৭.১৮
ডমিনেজ স্টিল	৩৯৬.৬৭		২৯৭.৫
হাক্কানি পাল্প অ্যান্ড পেপার	৩৬৪.১৭		৪৯.১
ডেফোডিল কম্পিউটার্স	৩৫৪.২৯		১৩৭.৭৮
এমবি ফার্মা	৩২৪.৬৬		২২৮.৫৮
এমারেল্ড অয়েল	৩২৩.২৫		২২৭.৪৪
বঙ্গজ	৩১৩.৮৭		৩৩৫.৫২
মনোস্পুল পেপার	৩০১.৯৪		৩২২.৭৬
হামি ইন্ডাস্ট্রিজ	২৭৮.৯০		নেগেটিভ
ইনফরমেশন সার্ভিসেস	২৬৬.১৭		৭৫.১২
প্যাসিফিক ডেনিমস	২৬৪.২৫		৫৯.১৭
নাভানা সিএনজি	২৬২.২২		১৮১.৫৪
ফাইন ফুডস	২১৩.৮৫		২৩০১.৪৩
ওয়াটা কেমিক্যালস	১৮৪.৪৮		৪০.৭৯
মুন্নু ফেব্রিক্স	১৮৩.৩৩		১৬৫
সী পার্ল বিচ	১৭৩.৮২		২২.৫৬
মুন্নু এগ্রো	১৬৯.৬৭		১৪৬.৬৬
ওরিয়ন ইনফিউশন	১৬০.৭৬		১৫০.৮৭
বিডি বিল্ডিং সিস্টেম	১৫৫.৭১		নেগেটিভ
দেশবন্ধু পলিমার	১৪২.৫১		৩১.৫৬
ইস্টার্ন লুব্রিকেন্টস	১২৯.২৮		৬৬.৪
দেশ গার্মেন্টস	১২২.৭১		১৬০.৫৩
রহিম টেক্সটাইল	১২১.০৭		নেগেটিভ
আমান ফিড	১১৭.৬৯		১০২.১৬
ইনটেক অনলাইন	১১১.৮৮		নেগেটিভ
জেমিনি সি ফুড	১০৮.৬		৯৬.৪
লিগ্যাসি ফুটওয়্যার	১০৫.৮		৭৪.৯
খান ব্রাদার্স	৯৮.২		৮৫.৩
রহিমা ফুড	৮৯.৯১		৮৪.২
শাইনপুকুর সিরামিকস	৮০		৬৮.৫
সোনারগাঁও টেক্সটাইল	৭৯.৬০		নেগেটিভ
এফএআর কেমিক্যাল	৭৮.৫		নেগেটিভ
মুন্নু সিরামিক	৭১.১		২৫.০৯
কে অ্যান্ড কিউ	৬৮.৫		৭৪.১
ইউনিলিভার কনজুমার	৬৮.৩৬		৫৪.২৬
মডার্ন ডাইং	৬৬.৩		৭১.৫
সোনালী আঁশ	৬৪.৮		৫৯.২
ফু-ওয়াং সিরামিক	৬৪.৫		৪৯.৬২
কাসেম ইন্ডাস্ট্রিজ	৬২.৮৬		৫৬.২
এসকোয়ার নিট	৫৮.৪৬		৩৬.৭৭
শমরিতা হসপিটাল	৫৫		৪৮.৬
বিচ হ্যাচারি	৫৪.৬৯		৬৪.২
এসএস স্টিল	৫০		১৬০
সিভিও পেট্রোকেমিক্যাল	৪৬.৭৯		২৩৮.০৪
সোস্যাল ইসলামী ব্যাংক	৪২.৫		৪.৩৪
মিডল্যান্ড ব্যাংক	৪২.৩৬		১৭.২০
কুইন সাউথ টেক্সটাইল	৪২.০০		১৫.৬৮
কোহিনূর কেমিক্যাল	৪১.১		৪৪.৬৫
ওয়েস্টার্ন মেরিন	৪১.৮৮		নেগেটিভ
সোনালী পেপার	৪১.৮৫		৩৩.৪৬
এএফসি এগ্রো বায়োটেক	৪১.০৩		৪২.২৭
পেপার প্রসেসিং	৪০.৮২		২৬.১১
আইপিডিসি	৪০.৫৮		২২.৯০
অলিম্পিক ইন্ডাস্ট্রিজ	৪০.০৮		৫২.৫৬

একটিভ ফাইন কেমিক্যাল	৫৩.১৩		৭৭.২৭
ইউনাইটেড ফাইন্যান্স	৫২.৮৪		২০.৩৯
এসএল স্টিল	৪৮.৭৫		১৬৬
পিই ১ : সর্বশেষ মধ্যবর্তী আর্থিক প্রতিবেদনের ভিত্তিতে Basic EPS (চলমান প্রক্রিয়া) অনুযায়ী পিই রেশিও নির্ধারণ করা হয়েছে।
পিই ২ : সর্বশেষ মধ্যবর্তী আর্থিক প্রতিবেদনের ভিত্তিতে Diluted EPS (চলমান প্রক্রিয়া) অনুযায়ী পিই রেশিও নির্ধারণ করা হয়েছে।
পিই ৫ : সর্বশেষ এজিএমে অনুমোদিত সর্বশেষ নিরীক্ষিত আর্থিক প্রতিবেদনের ভিত্তিতে Basic EPS (চলমান প্রক্রিয়া) অনুযায়ী পিই রেশিও নির্ধারণ করা হয়েছে।
